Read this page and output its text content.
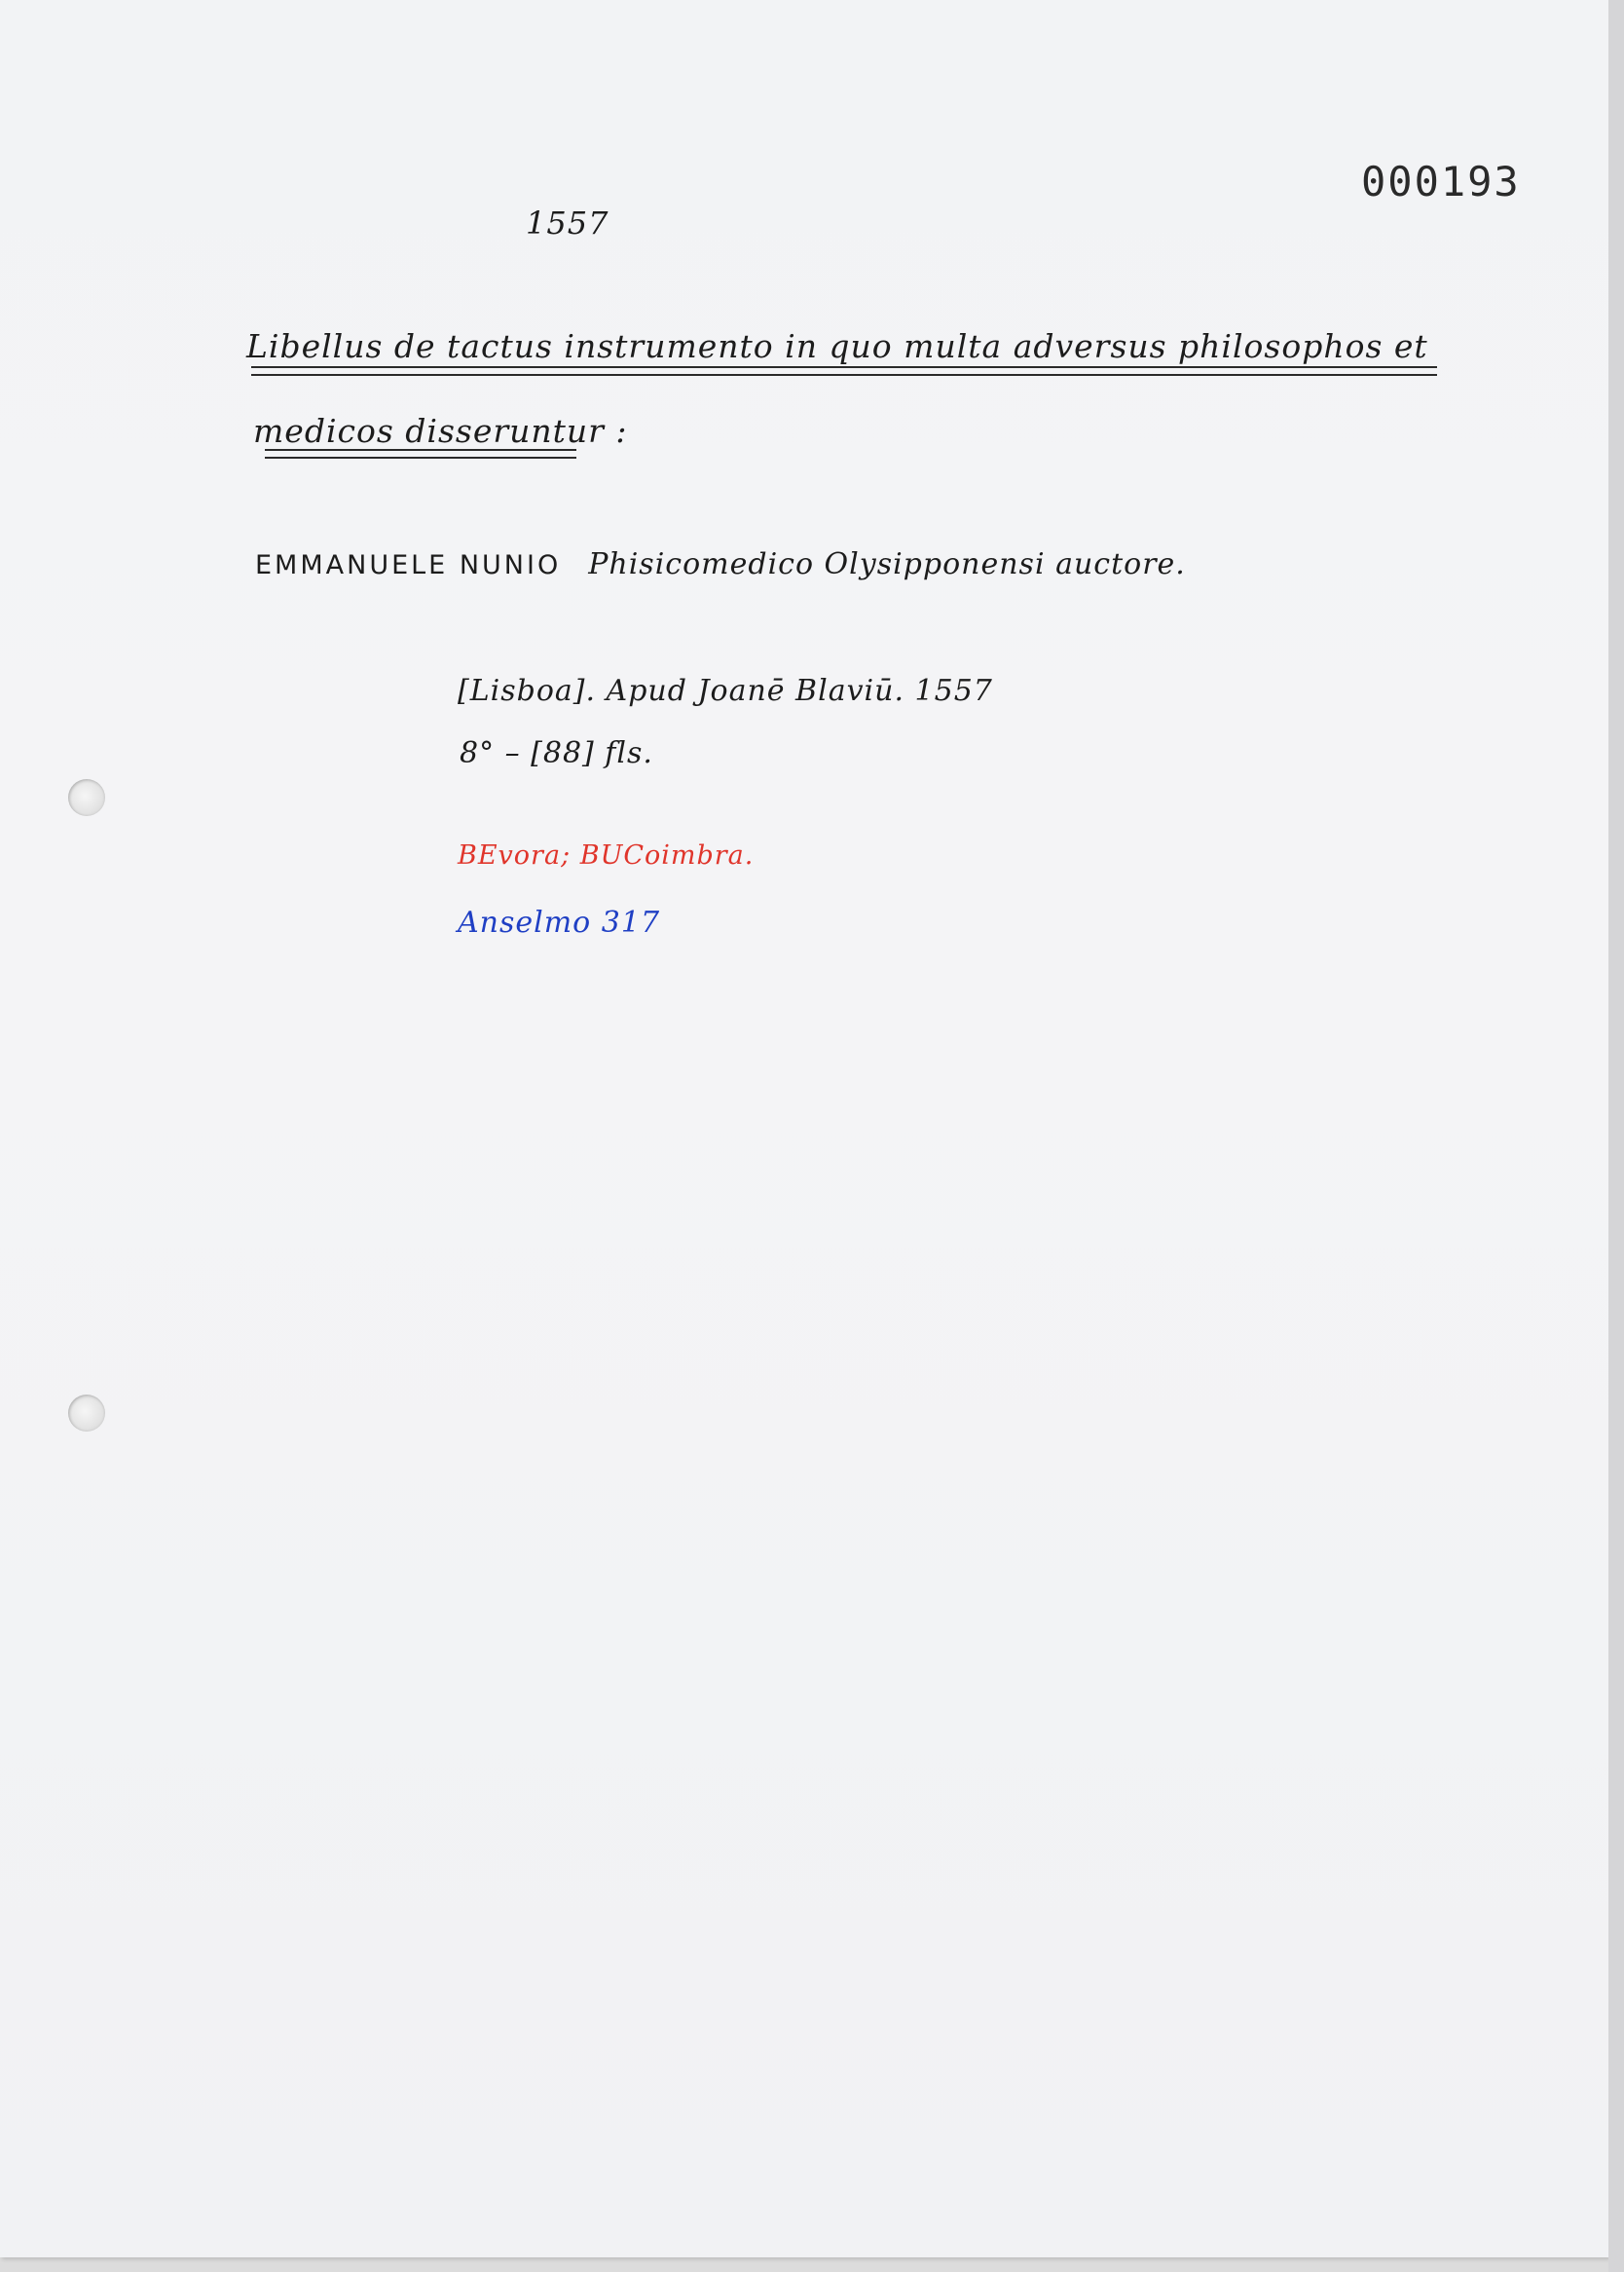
000193
1557
Libellus de tactus instrumento in quo multa adversus philosophos et
medicos disseruntur :
EMMANUELE NUNIO Phisicomedico Olysipponensi auctore.
[Lisboa]. Apud Joanē Blaviū. 1557
8° – [88] fls.
BEvora; BUCoimbra.
Anselmo 317
